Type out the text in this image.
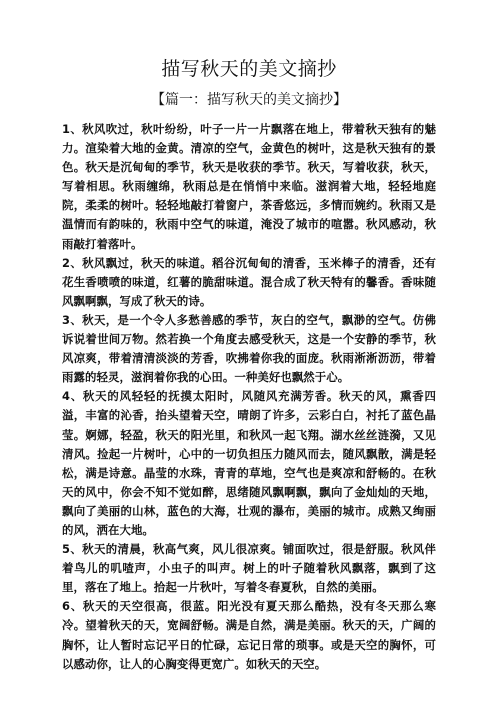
描写秋天的美文摘抄
【篇一：描写秋天的美文摘抄】

1、秋风吹过，秋叶纷纷，叶子一片一片飘落在地上，带着秋天独有的魅力。渲染着大地的金黄。清凉的空气，金黄色的树叶，这是秋天独有的景色。秋天是沉甸甸的季节，秋天是收获的季节。秋天，写着收获，秋天，写着相思。秋雨缠绵，秋雨总是在悄悄中来临。滋润着大地，轻轻地庭院，柔柔的树叶。轻轻地敲打着窗户，茶香悠远，多情而婉约。秋雨又是温情而有韵味的，秋雨中空气的味道，淹没了城市的喧嚣。秋风感动，秋雨敲打着落叶。

2、秋风飘过，秋天的味道。稻谷沉甸甸的清香，玉米棒子的清香，还有花生香喷喷的味道，红薯的脆甜味道。混合成了秋天特有的馨香。香味随风飘啊飘，写成了秋天的诗。

3、秋天，是一个令人多愁善感的季节，灰白的空气，飘渺的空气。仿佛诉说着世间万物。然若换一个角度去感受秋天，这是一个安静的季节，秋风凉爽，带着清清淡淡的芳香，吹拂着你我的面庞。秋雨淅淅沥沥，带着雨露的轻灵，滋润着你我的心田。一种美好也飘然于心。

4、秋天的风轻轻的抚摸太阳时，风随风充满芳香。秋天的风，熏香四溢，丰富的沁香，抬头望着天空，晴朗了许多，云彩白白，衬托了蓝色晶莹。婀娜，轻盈，秋天的阳光里，和秋风一起飞翔。湖水丝丝涟漪，又见清风。捡起一片树叶，心中的一切负担压力随风而去，随风飘散，满是轻松，满是诗意。晶莹的水珠，青青的草地，空气也是爽凉和舒畅的。在秋天的风中，你会不知不觉如醉，思绪随风飘啊飘，飘向了金灿灿的天地，飘向了美丽的山林，蓝色的大海，壮观的瀑布，美丽的城市。成熟又绚丽的风，洒在大地。

5、秋天的清晨，秋高气爽，风儿很凉爽。铺面吹过，很是舒服。秋风伴着鸟儿的叽喳声，小虫子的叫声。树上的叶子随着秋风飘落，飘到了这里，落在了地上。拾起一片秋叶，写着冬春夏秋，自然的美丽。

6、秋天的天空很高，很蓝。阳光没有夏天那么酷热，没有冬天那么寒冷。望着秋天的天，宽阔舒畅。满是自然，满是美丽。秋天的天，广阔的胸怀，让人暂时忘记平日的忙碌，忘记日常的琐事。或是天空的胸怀，可以感动你，让人的心胸变得更宽广。如秋天的天空。
